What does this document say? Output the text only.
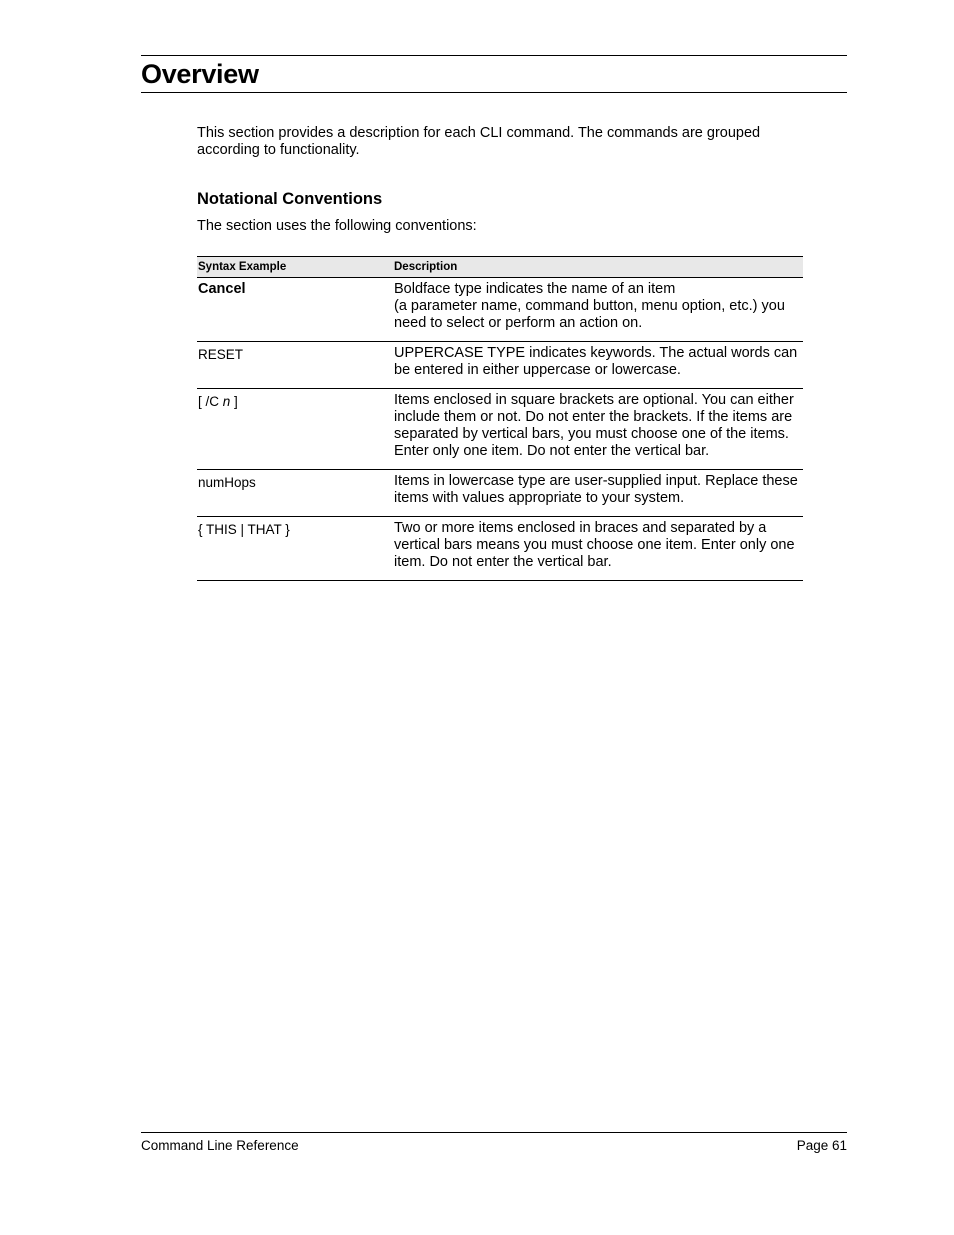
Overview
This section provides a description for each CLI command. The commands are grouped according to functionality.
Notational Conventions
The section uses the following conventions:
Syntax Example	Description
Cancel	Boldface type indicates the name of an item
(a parameter name, command button, menu option, etc.) you need to select or perform an action on.

RESET	UPPERCASE TYPE indicates keywords. The actual words can be entered in either uppercase or lowercase.

[ /C n ]	Items enclosed in square brackets are optional. You can either include them or not. Do not enter the brackets. If the items are separated by vertical bars, you must choose one of the items. Enter only one item. Do not enter the vertical bar.

numHops	Items in lowercase type are user-supplied input. Replace these items with values appropriate to your system.

{ THIS | THAT }	Two or more items enclosed in braces and separated by a vertical bars means you must choose one item. Enter only one item. Do not enter the vertical bar.
Command Line Reference	Page 61
